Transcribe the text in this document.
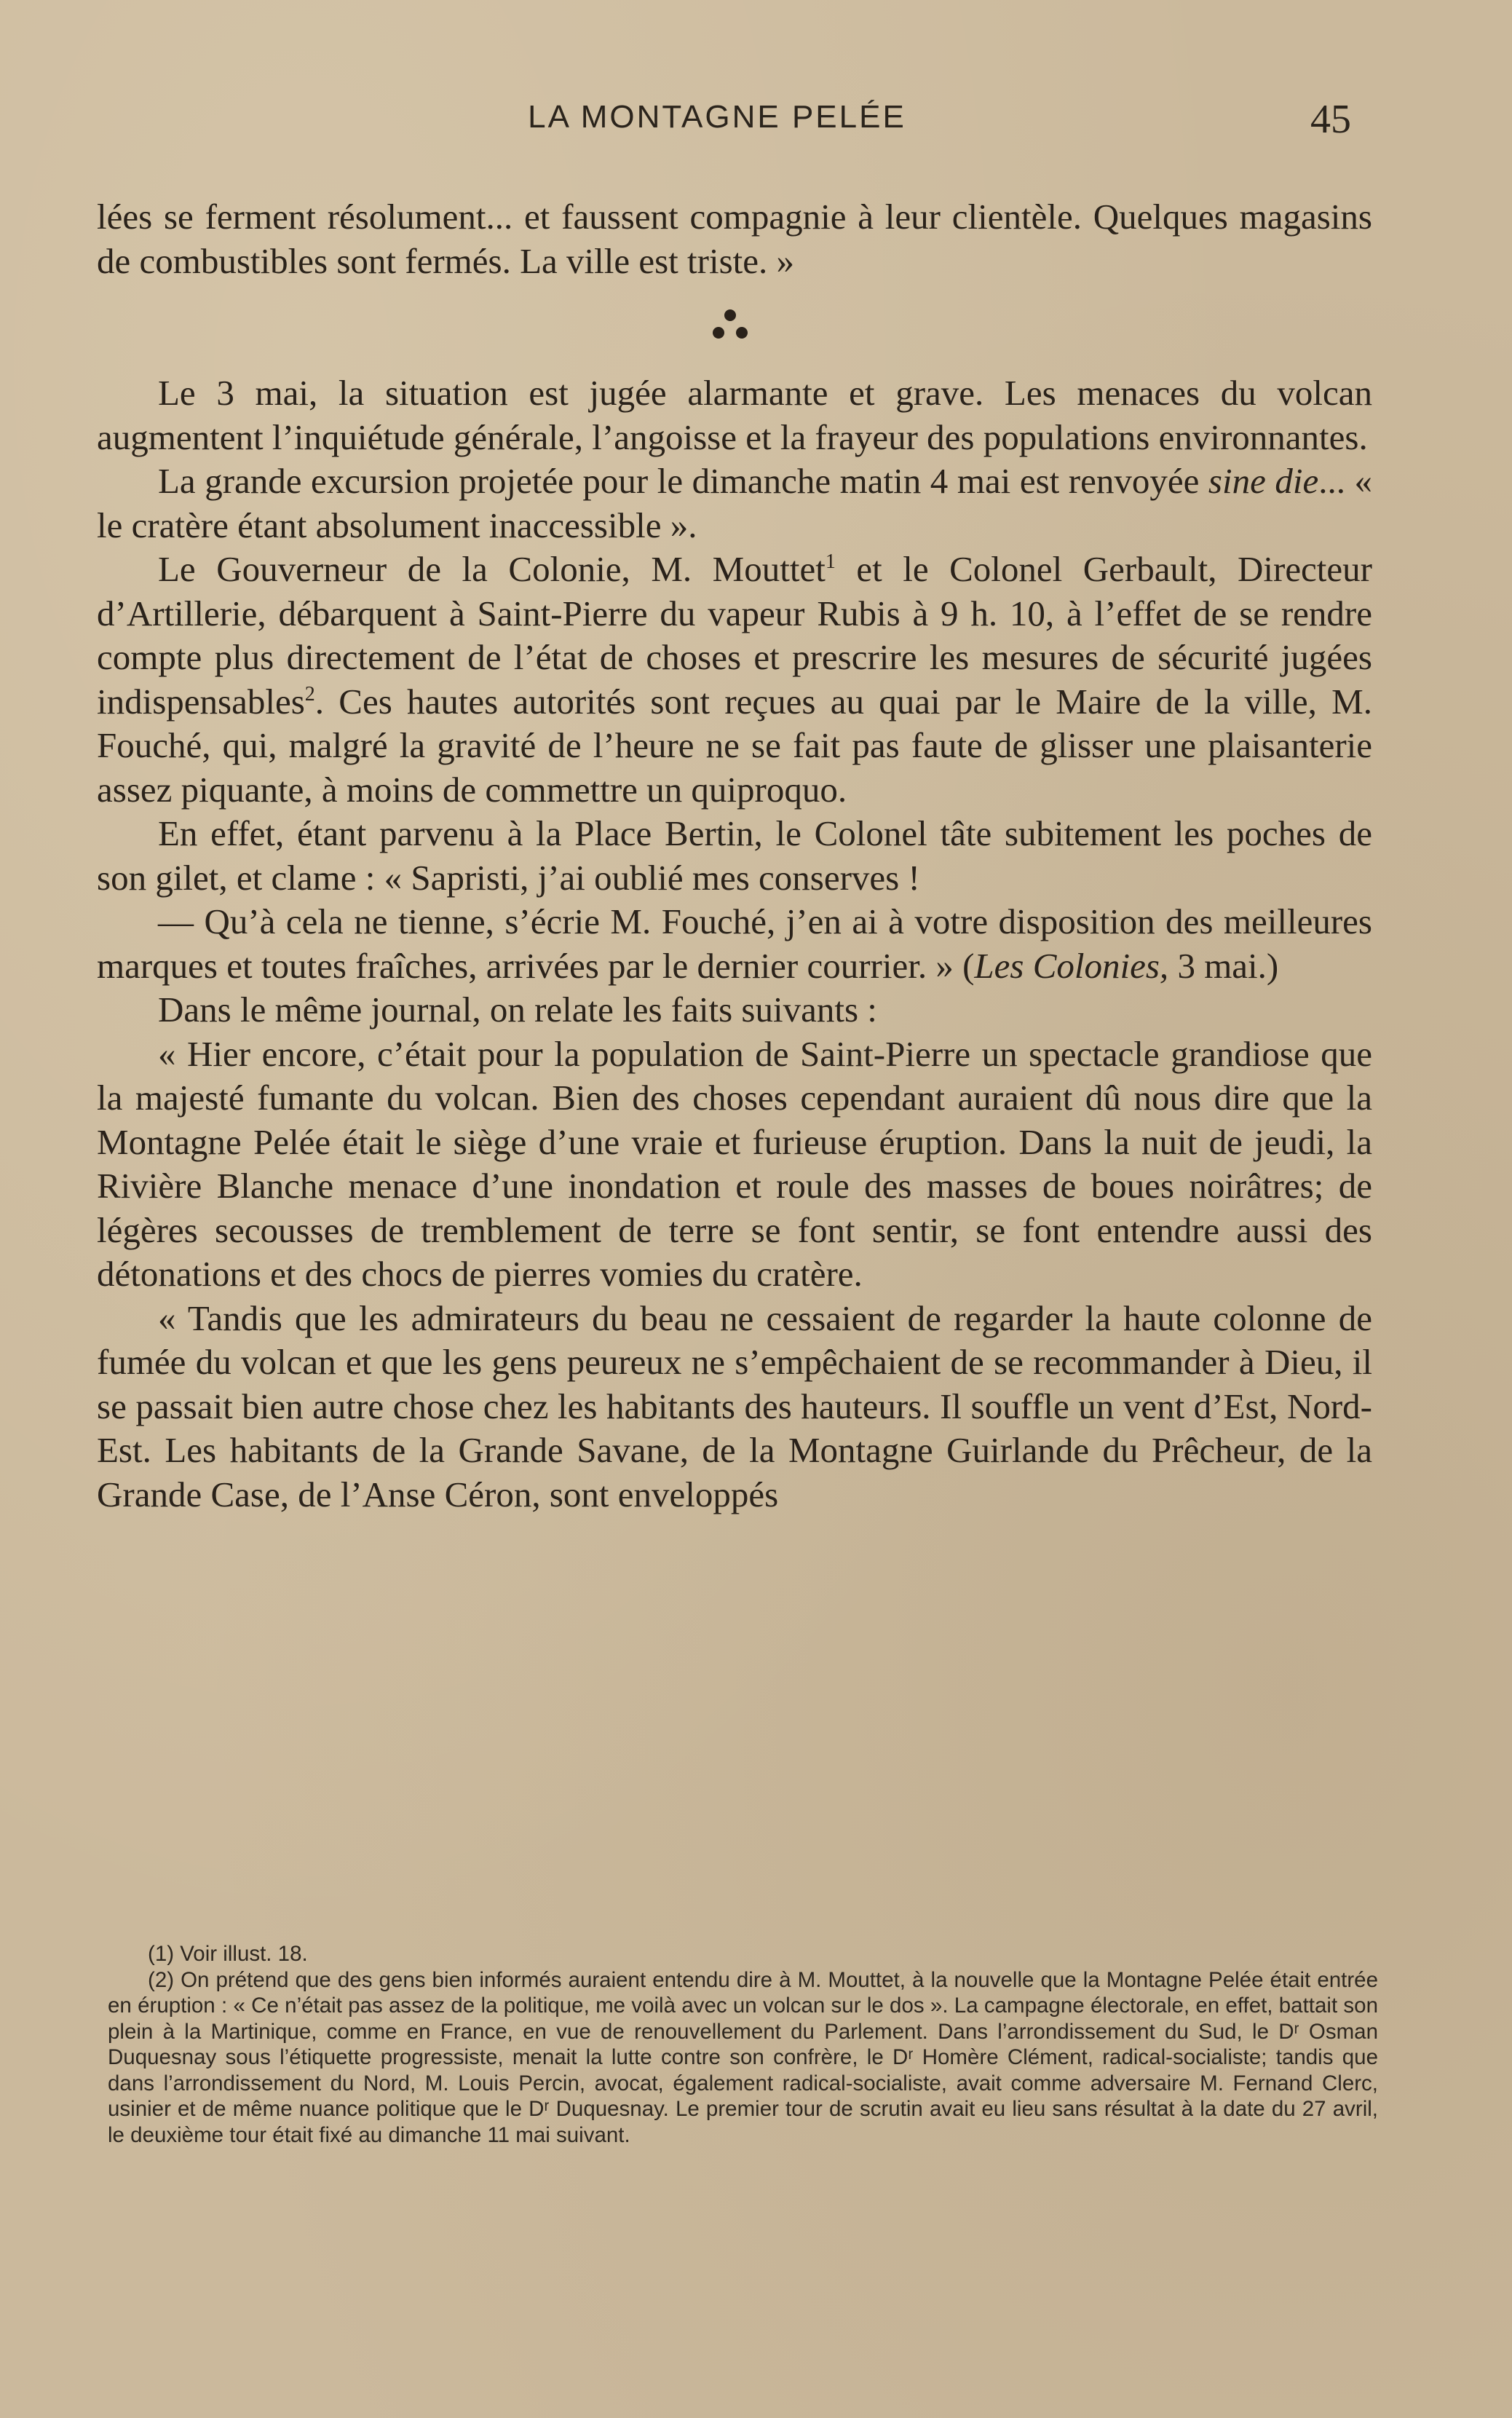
LA MONTAGNE PELÉE	45

lées se ferment résolument... et faussent compagnie à leur clientèle. Quelques magasins de combustibles sont fermés. La ville est triste. »

Le 3 mai, la situation est jugée alarmante et grave. Les menaces du volcan augmentent l’inquiétude générale, l’angoisse et la frayeur des populations environnantes.

La grande excursion projetée pour le dimanche matin 4 mai est renvoyée sine die... « le cratère étant absolument inaccessible ».

Le Gouverneur de la Colonie, M. Mouttet$^1$ et le Colonel Gerbault, Directeur d’Artillerie, débarquent à Saint-Pierre du vapeur Rubis à 9 h. 10, à l’effet de se rendre compte plus directement de l’état de choses et prescrire les mesures de sécurité jugées indispensables$^2$. Ces hautes autorités sont reçues au quai par le Maire de la ville, M. Fouché, qui, malgré la gravité de l’heure ne se fait pas faute de glisser une plaisanterie assez piquante, à moins de commettre un quiproquo.

En effet, étant parvenu à la Place Bertin, le Colonel tâte subitement les poches de son gilet, et clame : « Sapristi, j’ai oublié mes conserves !

— Qu’à cela ne tienne, s’écrie M. Fouché, j’en ai à votre disposition des meilleures marques et toutes fraîches, arrivées par le dernier courrier. » (Les Colonies, 3 mai.)

Dans le même journal, on relate les faits suivants :

« Hier encore, c’était pour la population de Saint-Pierre un spectacle grandiose que la majesté fumante du volcan. Bien des choses cependant auraient dû nous dire que la Montagne Pelée était le siège d’une vraie et furieuse éruption. Dans la nuit de jeudi, la Rivière Blanche menace d’une inondation et roule des masses de boues noirâtres; de légères secousses de tremblement de terre se font sentir, se font entendre aussi des détonations et des chocs de pierres vomies du cratère.

« Tandis que les admirateurs du beau ne cessaient de regarder la haute colonne de fumée du volcan et que les gens peureux ne s’empêchaient de se recommander à Dieu, il se passait bien autre chose chez les habitants des hauteurs. Il souffle un vent d’Est, Nord-Est. Les habitants de la Grande Savane, de la Montagne Guirlande du Prêcheur, de la Grande Case, de l’Anse Céron, sont enveloppés

(1) Voir illust. 18.

(2) On prétend que des gens bien informés auraient entendu dire à M. Mouttet, à la nouvelle que la Montagne Pelée était entrée en éruption : « Ce n’était pas assez de la politique, me voilà avec un volcan sur le dos ». La campagne électorale, en effet, battait son plein à la Martinique, comme en France, en vue de renouvellement du Parlement. Dans l’arrondissement du Sud, le Dʳ Osman Duquesnay sous l’étiquette progressiste, menait la lutte contre son confrère, le Dʳ Homère Clément, radical-socialiste; tandis que dans l’arrondissement du Nord, M. Louis Percin, avocat, également radical-socialiste, avait comme adversaire M. Fernand Clerc, usinier et de même nuance politique que le Dʳ Duquesnay. Le premier tour de scrutin avait eu lieu sans résultat à la date du 27 avril, le deuxième tour était fixé au dimanche 11 mai suivant.
